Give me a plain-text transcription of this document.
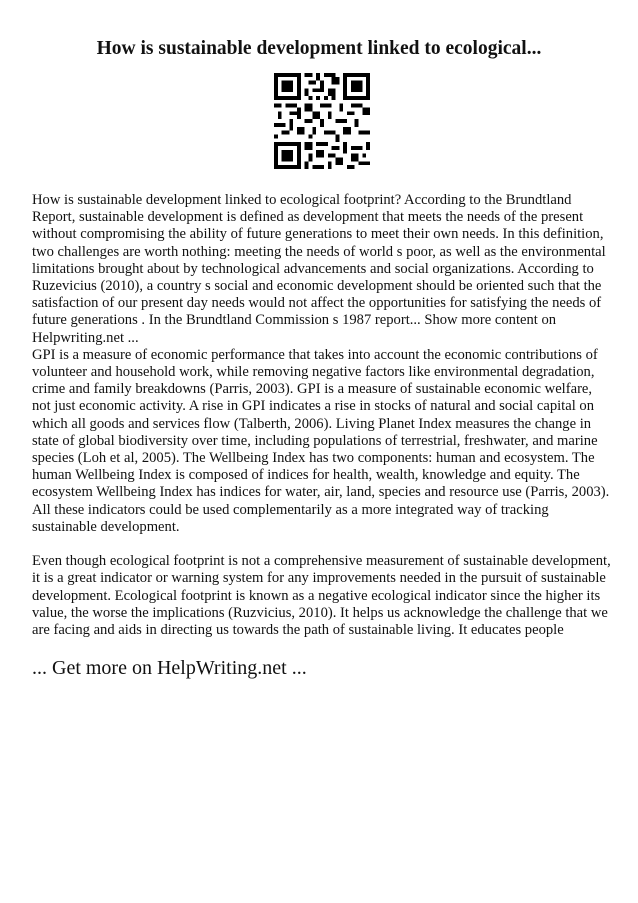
How is sustainable development linked to ecological...

How is sustainable development linked to ecological footprint? According to the Brundtland Report, sustainable development is defined as development that meets the needs of the present without compromising the ability of future generations to meet their own needs. In this definition, two challenges are worth nothing: meeting the needs of world s poor, as well as the environmental limitations brought about by technological advancements and social organizations. According to Ruzevicius (2010), a country s social and economic development should be oriented such that the satisfaction of our present day needs would not affect the opportunities for satisfying the needs of future generations . In the Brundtland Commission s 1987 report... Show more content on Helpwriting.net ...

GPI is a measure of economic performance that takes into account the economic contributions of volunteer and household work, while removing negative factors like environmental degradation, crime and family breakdowns (Parris, 2003). GPI is a measure of sustainable economic welfare, not just economic activity. A rise in GPI indicates a rise in stocks of natural and social capital on which all goods and services flow (Talberth, 2006). Living Planet Index measures the change in state of global biodiversity over time, including populations of terrestrial, freshwater, and marine species (Loh et al, 2005). The Wellbeing Index has two components: human and ecosystem. The human Wellbeing Index is composed of indices for health, wealth, knowledge and equity. The ecosystem Wellbeing Index has indices for water, air, land, species and resource use (Parris, 2003). All these indicators could be used complementarily as a more integrated way of tracking sustainable development.

Even though ecological footprint is not a comprehensive measurement of sustainable development, it is a great indicator or warning system for any improvements needed in the pursuit of sustainable development. Ecological footprint is known as a negative ecological indicator since the higher its value, the worse the implications (Ruzvicius, 2010). It helps us acknowledge the challenge that we are facing and aids in directing us towards the path of sustainable living. It educates people

... Get more on HelpWriting.net ...
